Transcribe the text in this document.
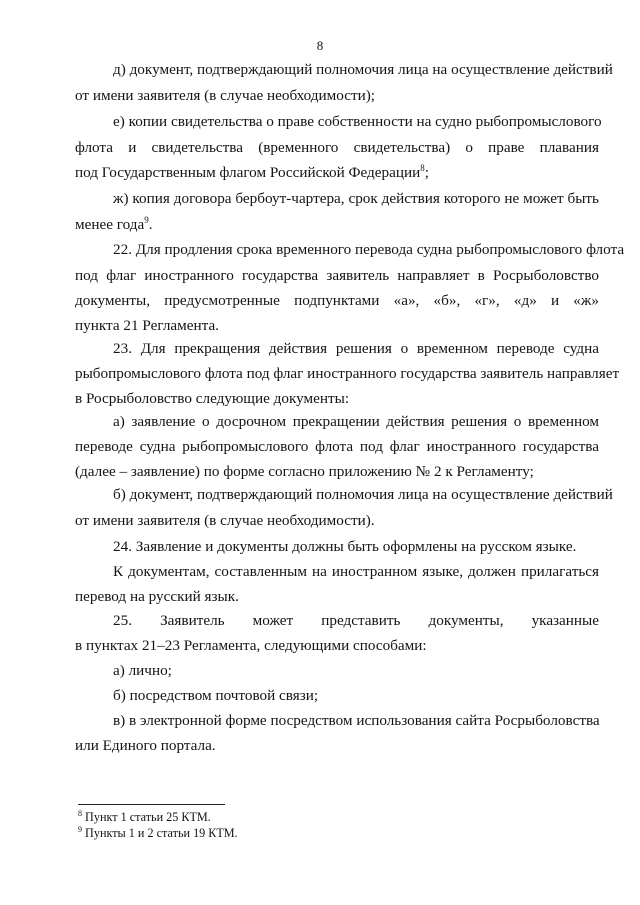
8
д) документ, подтверждающий полномочия лица на осуществление действий
от имени заявителя (в случае необходимости);
е) копии свидетельства о праве собственности на судно рыбопромыслового
флота и свидетельства (временного свидетельства) о праве плавания
под Государственным флагом Российской Федерации$^8$;
ж) копия договора бербоут-чартера, срок действия которого не может быть
менее года$^9$.
22. Для продления срока временного перевода судна рыбопромыслового флота
под флаг иностранного государства заявитель направляет в Росрыболовство
документы, предусмотренные подпунктами «а», «б», «г», «д» и «ж»
пункта 21 Регламента.
23. Для прекращения действия решения о временном переводе судна
рыбопромыслового флота под флаг иностранного государства заявитель направляет
в Росрыболовство следующие документы:
а) заявление о досрочном прекращении действия решения о временном
переводе судна рыбопромыслового флота под флаг иностранного государства
(далее – заявление) по форме согласно приложению № 2 к Регламенту;
б) документ, подтверждающий полномочия лица на осуществление действий
от имени заявителя (в случае необходимости).
24. Заявление и документы должны быть оформлены на русском языке.
К документам, составленным на иностранном языке, должен прилагаться
перевод на русский язык.
25. Заявитель может представить документы, указанные
в пунктах 21–23 Регламента, следующими способами:
а) лично;
б) посредством почтовой связи;
в) в электронной форме посредством использования сайта Росрыболовства
или Единого портала.
$^8$ Пункт 1 статьи 25 КТМ.
$^9$ Пункты 1 и 2 статьи 19 КТМ.
